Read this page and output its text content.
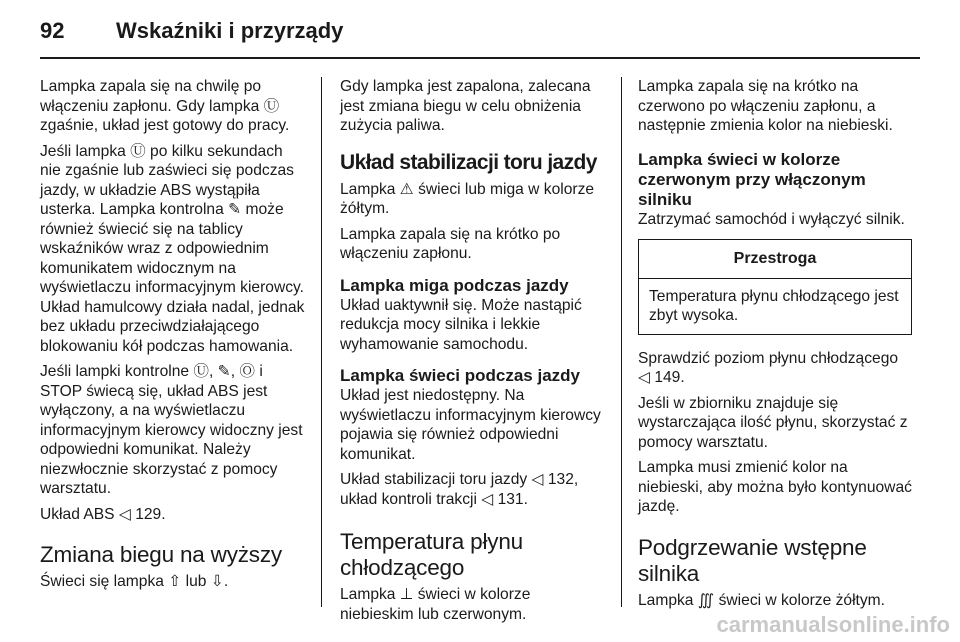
92	Wskaźniki i przyrządy

Lampka zapala się na chwilę po włączeniu zapłonu. Gdy lampka Ⓤ zgaśnie, układ jest gotowy do pracy.

Jeśli lampka Ⓤ po kilku sekundach nie zgaśnie lub zaświeci się podczas jazdy, w układzie ABS wystąpiła usterka. Lampka kontrolna ✎ może również świecić się na tablicy wskaźników wraz z odpowiednim komunikatem widocznym na wyświetlaczu informacyjnym kierowcy. Układ hamulcowy działa nadal, jednak bez układu przeciwdziałającego blokowaniu kół podczas hamowania.

Jeśli lampki kontrolne Ⓤ, ✎, Ⓞ i STOP świecą się, układ ABS jest wyłączony, a na wyświetlaczu informacyjnym kierowcy widoczny jest odpowiedni komunikat. Należy niezwłocznie skorzystać z pomocy warsztatu.

Układ ABS ◁ 129.

Zmiana biegu na wyższy

Świeci się lampka ⇧ lub ⇩.

Gdy lampka jest zapalona, zalecana jest zmiana biegu w celu obniżenia zużycia paliwa.

Układ stabilizacji toru jazdy

Lampka ⚠ świeci lub miga w kolorze żółtym.

Lampka zapala się na krótko po włączeniu zapłonu.

Lampka miga podczas jazdy

Układ uaktywnił się. Może nastąpić redukcja mocy silnika i lekkie wyhamowanie samochodu.

Lampka świeci podczas jazdy

Układ jest niedostępny. Na wyświetlaczu informacyjnym kierowcy pojawia się również odpowiedni komunikat.

Układ stabilizacji toru jazdy ◁ 132, układ kontroli trakcji ◁ 131.

Temperatura płynu chłodzącego

Lampka ⊥ świeci w kolorze niebieskim lub czerwonym.

Lampka zapala się na krótko na czerwono po włączeniu zapłonu, a następnie zmienia kolor na niebieski.

Lampka świeci w kolorze czerwonym przy włączonym silniku

Zatrzymać samochód i wyłączyć silnik.

Przestroga
Temperatura płynu chłodzącego jest zbyt wysoka.

Sprawdzić poziom płynu chłodzącego ◁ 149.

Jeśli w zbiorniku znajduje się wystarczająca ilość płynu, skorzystać z pomocy warsztatu.

Lampka musi zmienić kolor na niebieski, aby można było kontynuować jazdę.

Podgrzewanie wstępne silnika

Lampka ∭ świeci w kolorze żółtym.

carmanualsonline.info
